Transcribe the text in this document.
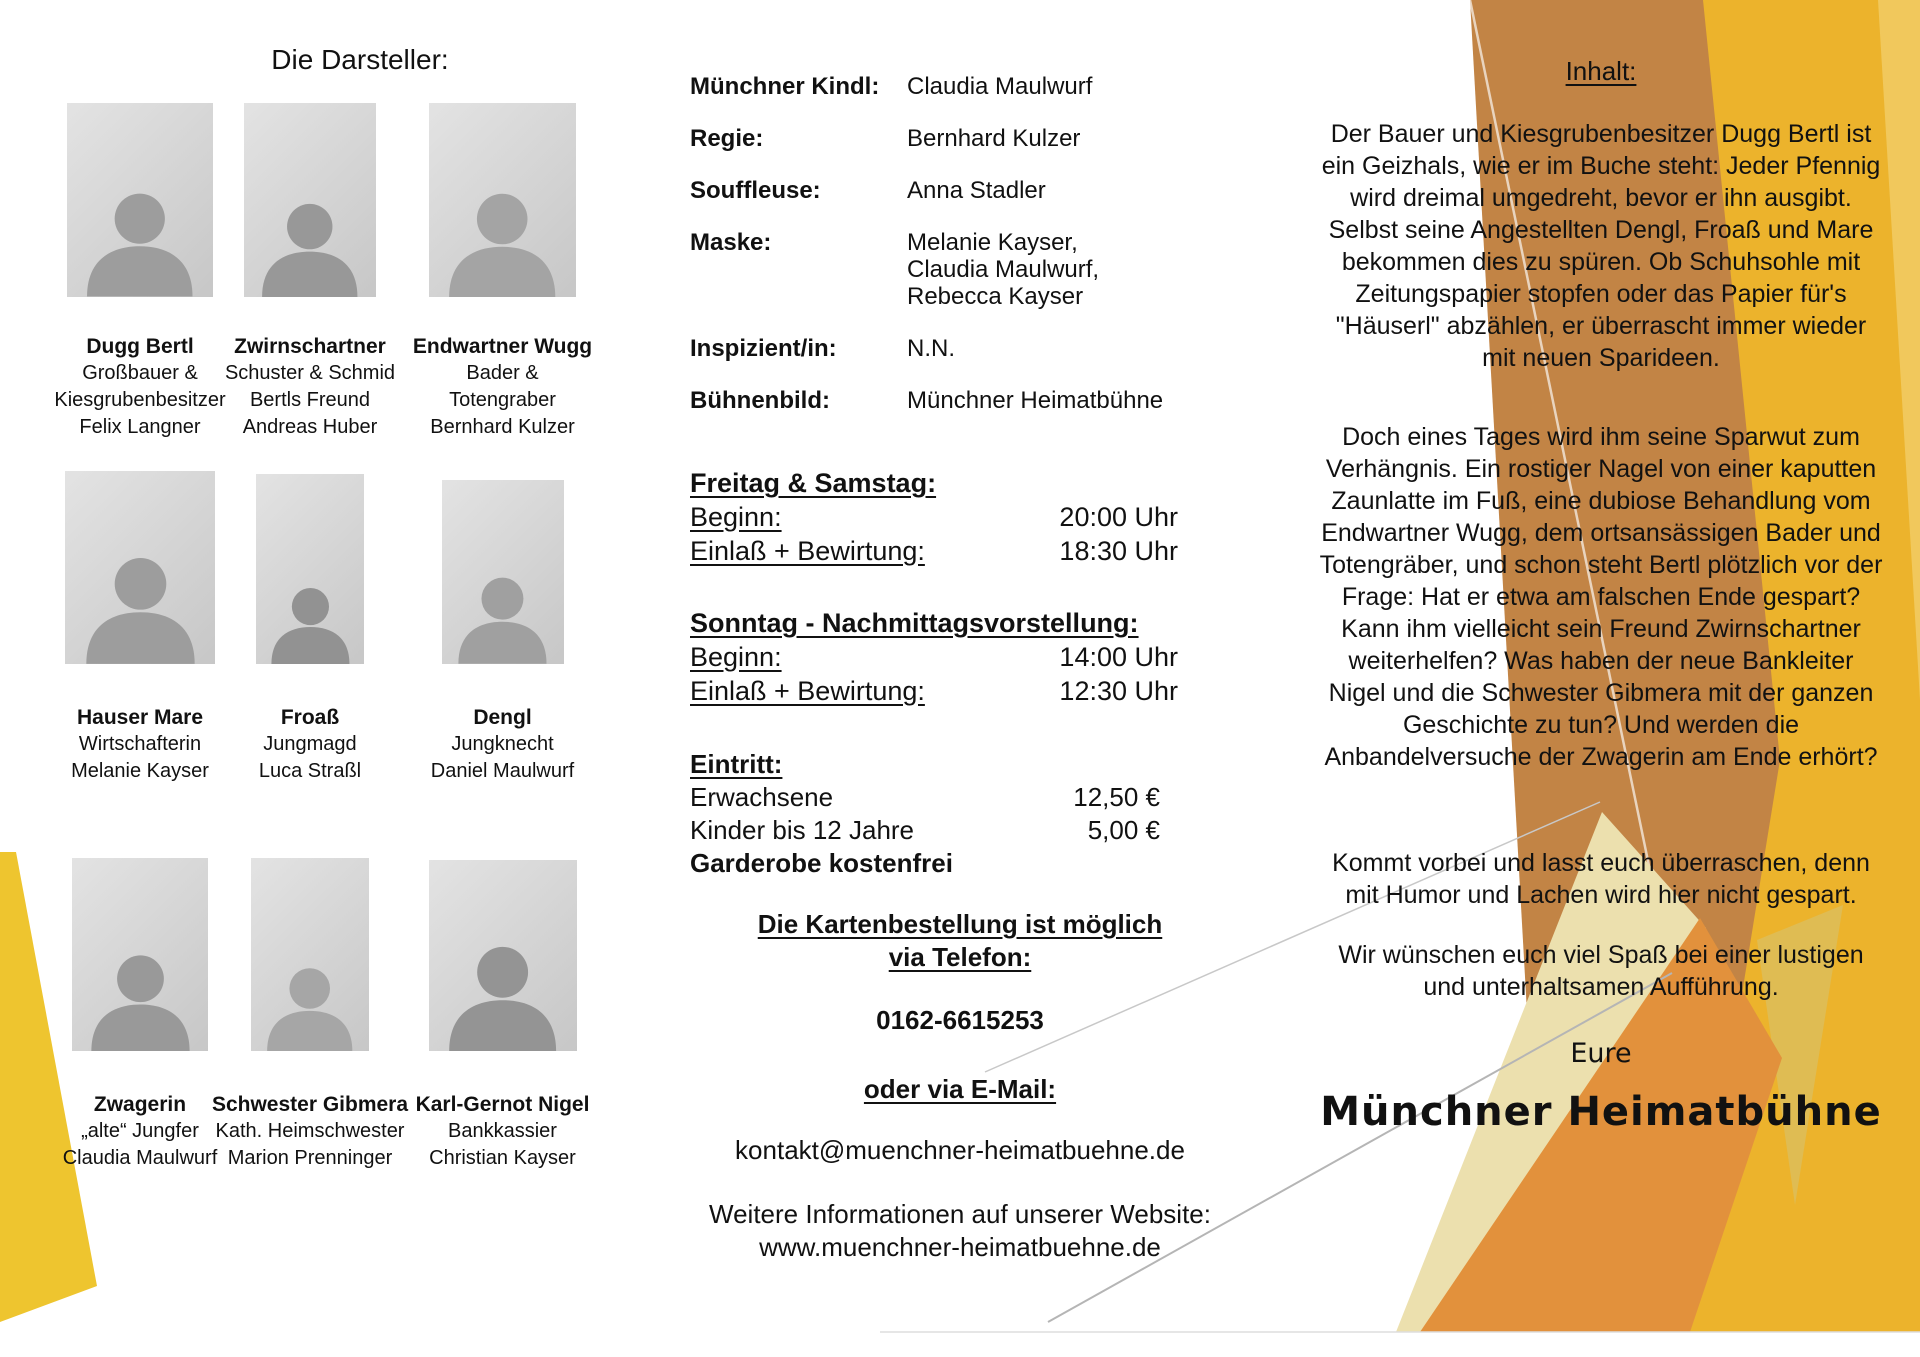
Die Darsteller:
Dugg Bertl
Großbauer &
Kiesgrubenbesitzer
Felix Langner
Zwirnschartner
Schuster & Schmid
Bertls Freund
Andreas Huber
Endwartner Wugg
Bader &
Totengraber
Bernhard Kulzer
Hauser Mare
Wirtschafterin
Melanie Kayser
Froaß
Jungmagd
Luca Straßl
Dengl
Jungknecht
Daniel Maulwurf
Zwagerin
„alte“ Jungfer
Claudia Maulwurf
Schwester Gibmera
Kath. Heimschwester
Marion Prenninger
Karl-Gernot Nigel
Bankkassier
Christian Kayser
Münchner Kindl:	Claudia Maulwurf
Regie:	Bernhard Kulzer
Souffleuse:	Anna Stadler
Maske:	Melanie Kayser,
Claudia Maulwurf,
Rebecca Kayser
Inspizient/in:	N.N.
Bühnenbild:	Münchner Heimatbühne
Freitag & Samstag:
Beginn:	20:00 Uhr
Einlaß + Bewirtung:	18:30 Uhr
Sonntag - Nachmittagsvorstellung:
Beginn:	14:00 Uhr
Einlaß + Bewirtung:	12:30 Uhr
Eintritt:
Erwachsene	12,50 €
Kinder bis 12 Jahre	5,00 €
Garderobe kostenfrei
Die Kartenbestellung ist möglich
via Telefon:
0162-6615253
oder via E-Mail:
kontakt@muenchner-heimatbuehne.de
Weitere Informationen auf unserer Website:
www.muenchner-heimatbuehne.de
Inhalt:

Der Bauer und Kiesgrubenbesitzer Dugg Bertl ist ein Geizhals, wie er im Buche steht: Jeder Pfennig wird dreimal umgedreht, bevor er ihn ausgibt. Selbst seine Angestellten Dengl, Froaß und Mare bekommen dies zu spüren. Ob Schuhsohle mit Zeitungspapier stopfen oder das Papier für's "Häuserl" abzählen, er überrascht immer wieder mit neuen Sparideen.

Doch eines Tages wird ihm seine Sparwut zum Verhängnis. Ein rostiger Nagel von einer kaputten Zaunlatte im Fuß, eine dubiose Behandlung vom Endwartner Wugg, dem ortsansässigen Bader und Totengräber, und schon steht Bertl plötzlich vor der Frage: Hat er etwa am falschen Ende gespart? Kann ihm vielleicht sein Freund Zwirnschartner weiterhelfen? Was haben der neue Bankleiter Nigel und die Schwester Gibmera mit der ganzen Geschichte zu tun? Und werden die Anbandelversuche der Zwagerin am Ende erhört?

Kommt vorbei und lasst euch überraschen, denn mit Humor und Lachen wird hier nicht gespart.

Wir wünschen euch viel Spaß bei einer lustigen und unterhaltsamen Aufführung.

Eure
Münchner Heimatbühne
